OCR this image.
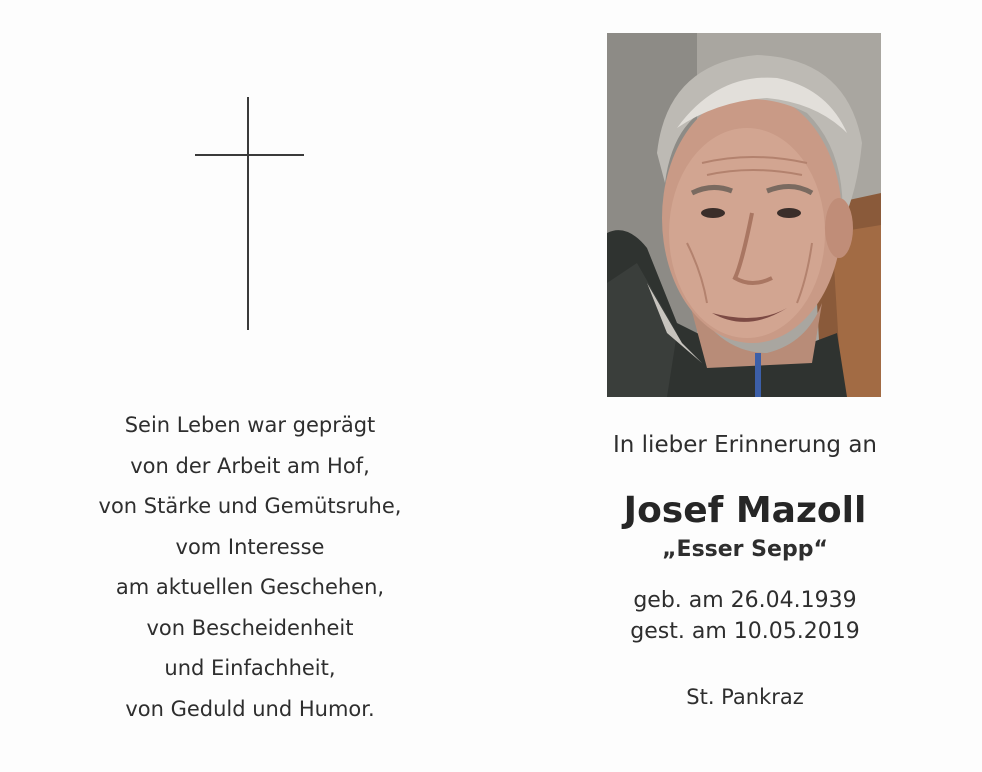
Sein Leben war geprägt
von der Arbeit am Hof,
von Stärke und Gemütsruhe,
vom Interesse
am aktuellen Geschehen,
von Bescheidenheit
und Einfachheit,
von Geduld und Humor.
In lieber Erinnerung an
Josef Mazoll
„Esser Sepp“
geb. am 26.04.1939
gest. am 10.05.2019
St. Pankraz
